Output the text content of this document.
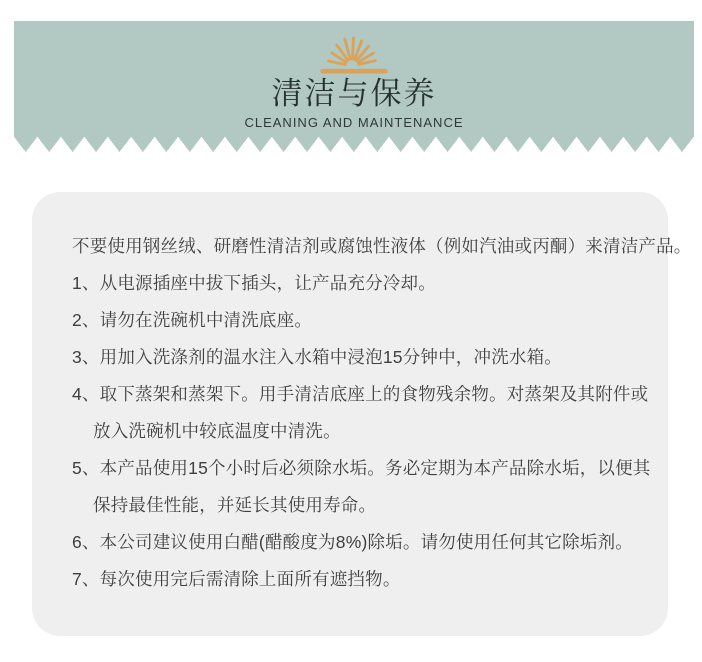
清洁与保养
CLEANING AND MAINTENANCE

不要使用钢丝绒、研磨性清洁剂或腐蚀性液体（例如汽油或丙酮）来清洁产品。

1、从电源插座中拔下插头，让产品充分冷却。

2、请勿在洗碗机中清洗底座。

3、用加入洗涤剂的温水注入水箱中浸泡15分钟中，冲洗水箱。

4、取下蒸架和蒸架下。用手清洁底座上的食物残余物。对蒸架及其附件或

放入洗碗机中较底温度中清洗。

5、本产品使用15个小时后必须除水垢。务必定期为本产品除水垢，以便其

保持最佳性能，并延长其使用寿命。

6、本公司建议使用白醋(醋酸度为8%)除垢。请勿使用任何其它除垢剂。

7、每次使用完后需清除上面所有遮挡物。
